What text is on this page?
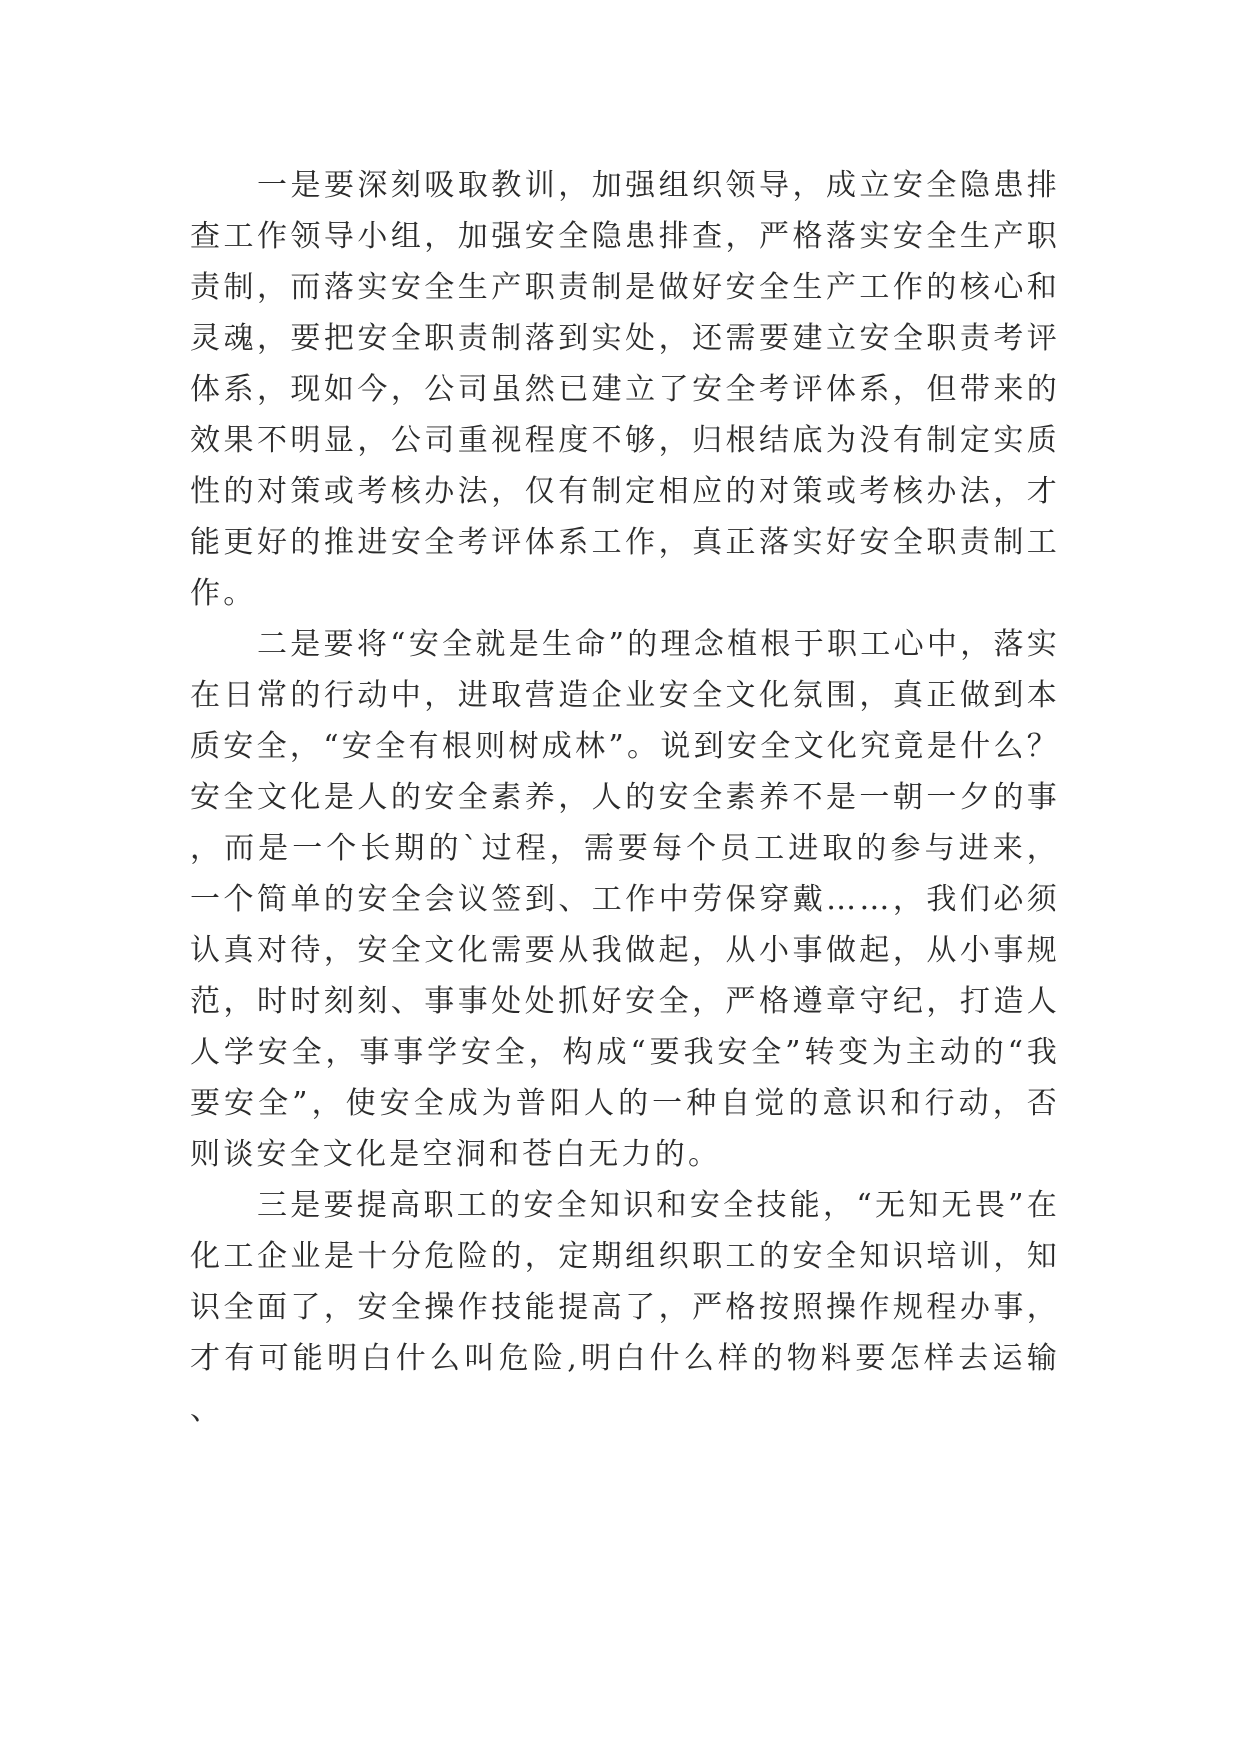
一是要深刻吸取教训，加强组织领导，成立安全隐患排查工作领导小组，加强安全隐患排查，严格落实安全生产职责制，而落实安全生产职责制是做好安全生产工作的核心和灵魂，要把安全职责制落到实处，还需要建立安全职责考评体系，现如今，公司虽然已建立了安全考评体系，但带来的效果不明显，公司重视程度不够，归根结底为没有制定实质性的对策或考核办法，仅有制定相应的对策或考核办法，才能更好的推进安全考评体系工作，真正落实好安全职责制工作。

二是要将“安全就是生命”的理念植根于职工心中，落实在日常的行动中，进取营造企业安全文化氛围，真正做到本质安全，“安全有根则树成林”。说到安全文化究竟是什么？安全文化是人的安全素养，人的安全素养不是一朝一夕的事，而是一个长期的`过程，需要每个员工进取的参与进来，一个简单的安全会议签到、工作中劳保穿戴……，我们必须认真对待，安全文化需要从我做起，从小事做起，从小事规范，时时刻刻、事事处处抓好安全，严格遵章守纪，打造人人学安全，事事学安全，构成“要我安全”转变为主动的“我要安全”，使安全成为普阳人的一种自觉的意识和行动，否则谈安全文化是空洞和苍白无力的。

三是要提高职工的安全知识和安全技能，“无知无畏”在化工企业是十分危险的，定期组织职工的安全知识培训，知识全面了，安全操作技能提高了，严格按照操作规程办事，才有可能明白什么叫危险,明白什么样的物料要怎样去运输、
